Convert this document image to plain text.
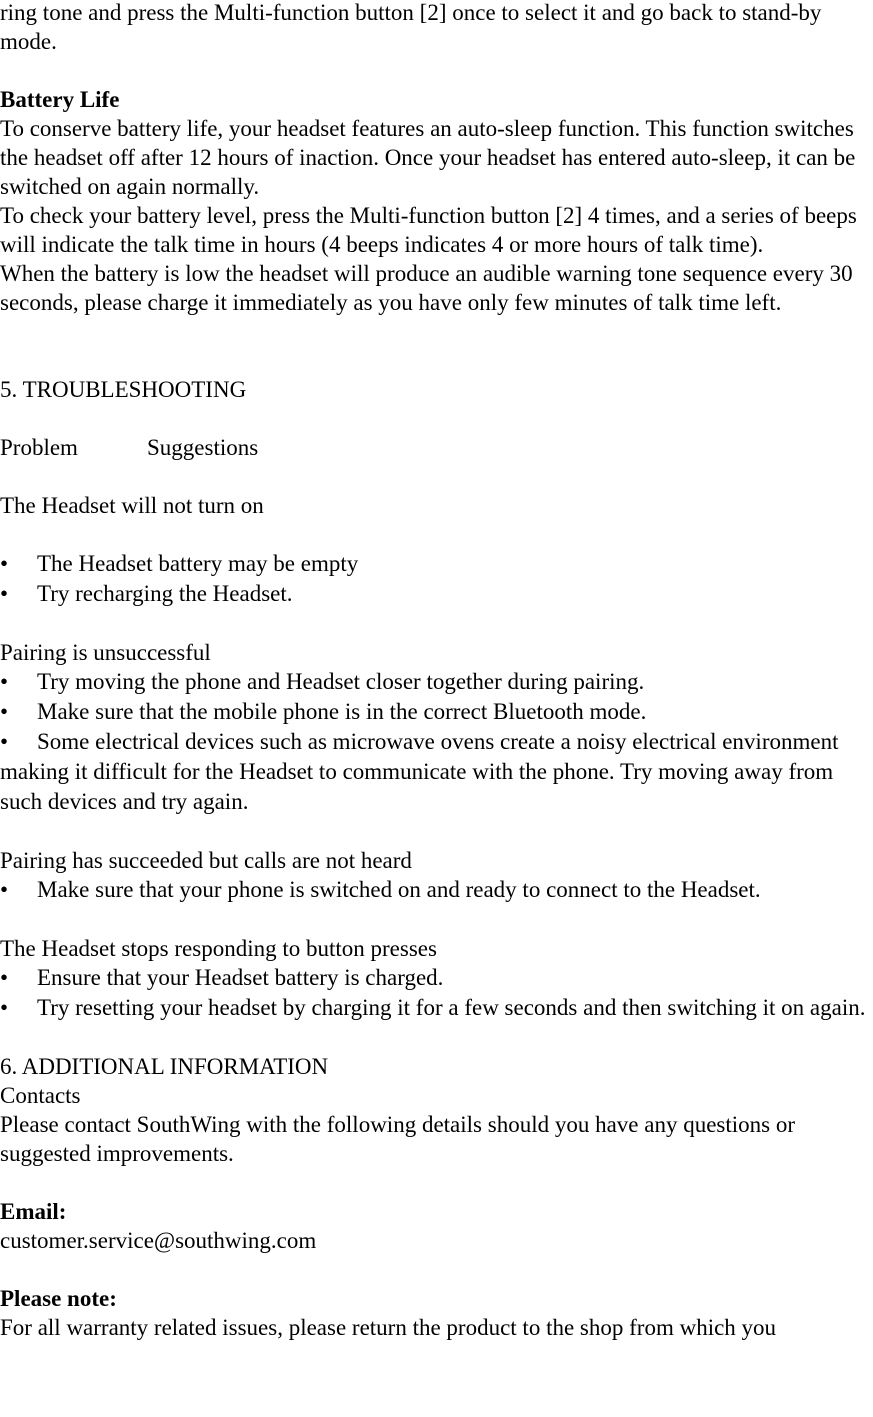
ring tone and press the Multi-function button [2] once to select it and go back to stand-by mode.

Battery Life

To conserve battery life, your headset features an auto-sleep function. This function switches the headset off after 12 hours of inaction. Once your headset has entered auto-sleep, it can be switched on again normally.

To check your battery level, press the Multi-function button [2] 4 times, and a series of beeps will indicate the talk time in hours (4 beeps indicates 4 or more hours of talk time).

When the battery is low the headset will produce an audible warning tone sequence every 30 seconds, please charge it immediately as you have only few minutes of talk time left.

5. TROUBLESHOOTING

Problem	Suggestions

The Headset will not turn on

• The Headset battery may be empty

• Try recharging the Headset.

Pairing is unsuccessful

• Try moving the phone and Headset closer together during pairing.

• Make sure that the mobile phone is in the correct Bluetooth mode.

• Some electrical devices such as microwave ovens create a noisy electrical environment making it difficult for the Headset to communicate with the phone. Try moving away from such devices and try again.

Pairing has succeeded but calls are not heard

• Make sure that your phone is switched on and ready to connect to the Headset.

The Headset stops responding to button presses

• Ensure that your Headset battery is charged.

• Try resetting your headset by charging it for a few seconds and then switching it on again.

6. ADDITIONAL INFORMATION

Contacts

Please contact SouthWing with the following details should you have any questions or suggested improvements.

Email:

customer.service@southwing.com

Please note:

For all warranty related issues, please return the product to the shop from which you
